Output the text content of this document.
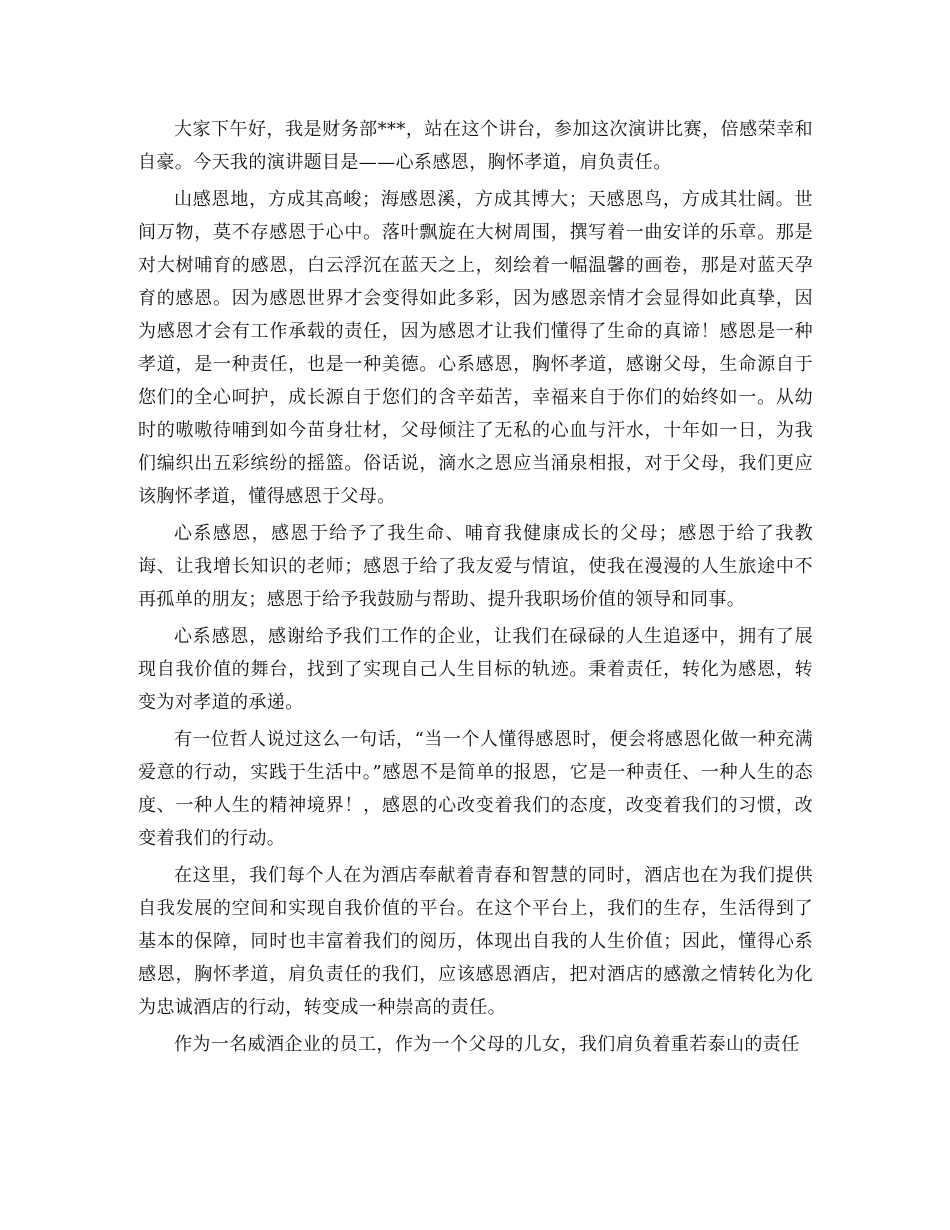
大家下午好，我是财务部***，站在这个讲台，参加这次演讲比赛，倍感荣幸和自豪。今天我的演讲题目是——心系感恩，胸怀孝道，肩负责任。

山感恩地，方成其高峻；海感恩溪，方成其博大；天感恩鸟，方成其壮阔。世间万物，莫不存感恩于心中。落叶飘旋在大树周围，撰写着一曲安详的乐章。那是对大树哺育的感恩，白云浮沉在蓝天之上，刻绘着一幅温馨的画卷，那是对蓝天孕育的感恩。因为感恩世界才会变得如此多彩，因为感恩亲情才会显得如此真挚，因为感恩才会有工作承载的责任，因为感恩才让我们懂得了生命的真谛！感恩是一种孝道，是一种责任，也是一种美德。心系感恩，胸怀孝道，感谢父母，生命源自于您们的全心呵护，成长源自于您们的含辛茹苦，幸福来自于你们的始终如一。从幼时的嗷嗷待哺到如今苗身壮材，父母倾注了无私的心血与汗水，十年如一日，为我们编织出五彩缤纷的摇篮。俗话说，滴水之恩应当涌泉相报，对于父母，我们更应该胸怀孝道，懂得感恩于父母。

心系感恩，感恩于给予了我生命、哺育我健康成长的父母；感恩于给了我教诲、让我增长知识的老师；感恩于给了我友爱与情谊，使我在漫漫的人生旅途中不再孤单的朋友；感恩于给予我鼓励与帮助、提升我职场价值的领导和同事。

心系感恩，感谢给予我们工作的企业，让我们在碌碌的人生追逐中，拥有了展现自我价值的舞台，找到了实现自己人生目标的轨迹。秉着责任，转化为感恩，转变为对孝道的承递。

有一位哲人说过这么一句话，“当一个人懂得感恩时，便会将感恩化做一种充满爱意的行动，实践于生活中。”感恩不是简单的报恩，它是一种责任、一种人生的态度、一种人生的精神境界！，感恩的心改变着我们的态度，改变着我们的习惯，改变着我们的行动。

在这里，我们每个人在为酒店奉献着青春和智慧的同时，酒店也在为我们提供自我发展的空间和实现自我价值的平台。在这个平台上，我们的生存，生活得到了基本的保障，同时也丰富着我们的阅历，体现出自我的人生价值；因此，懂得心系感恩，胸怀孝道，肩负责任的我们，应该感恩酒店，把对酒店的感激之情转化为化为忠诚酒店的行动，转变成一种崇高的责任。

作为一名威酒企业的员工，作为一个父母的儿女，我们肩负着重若泰山的责任
